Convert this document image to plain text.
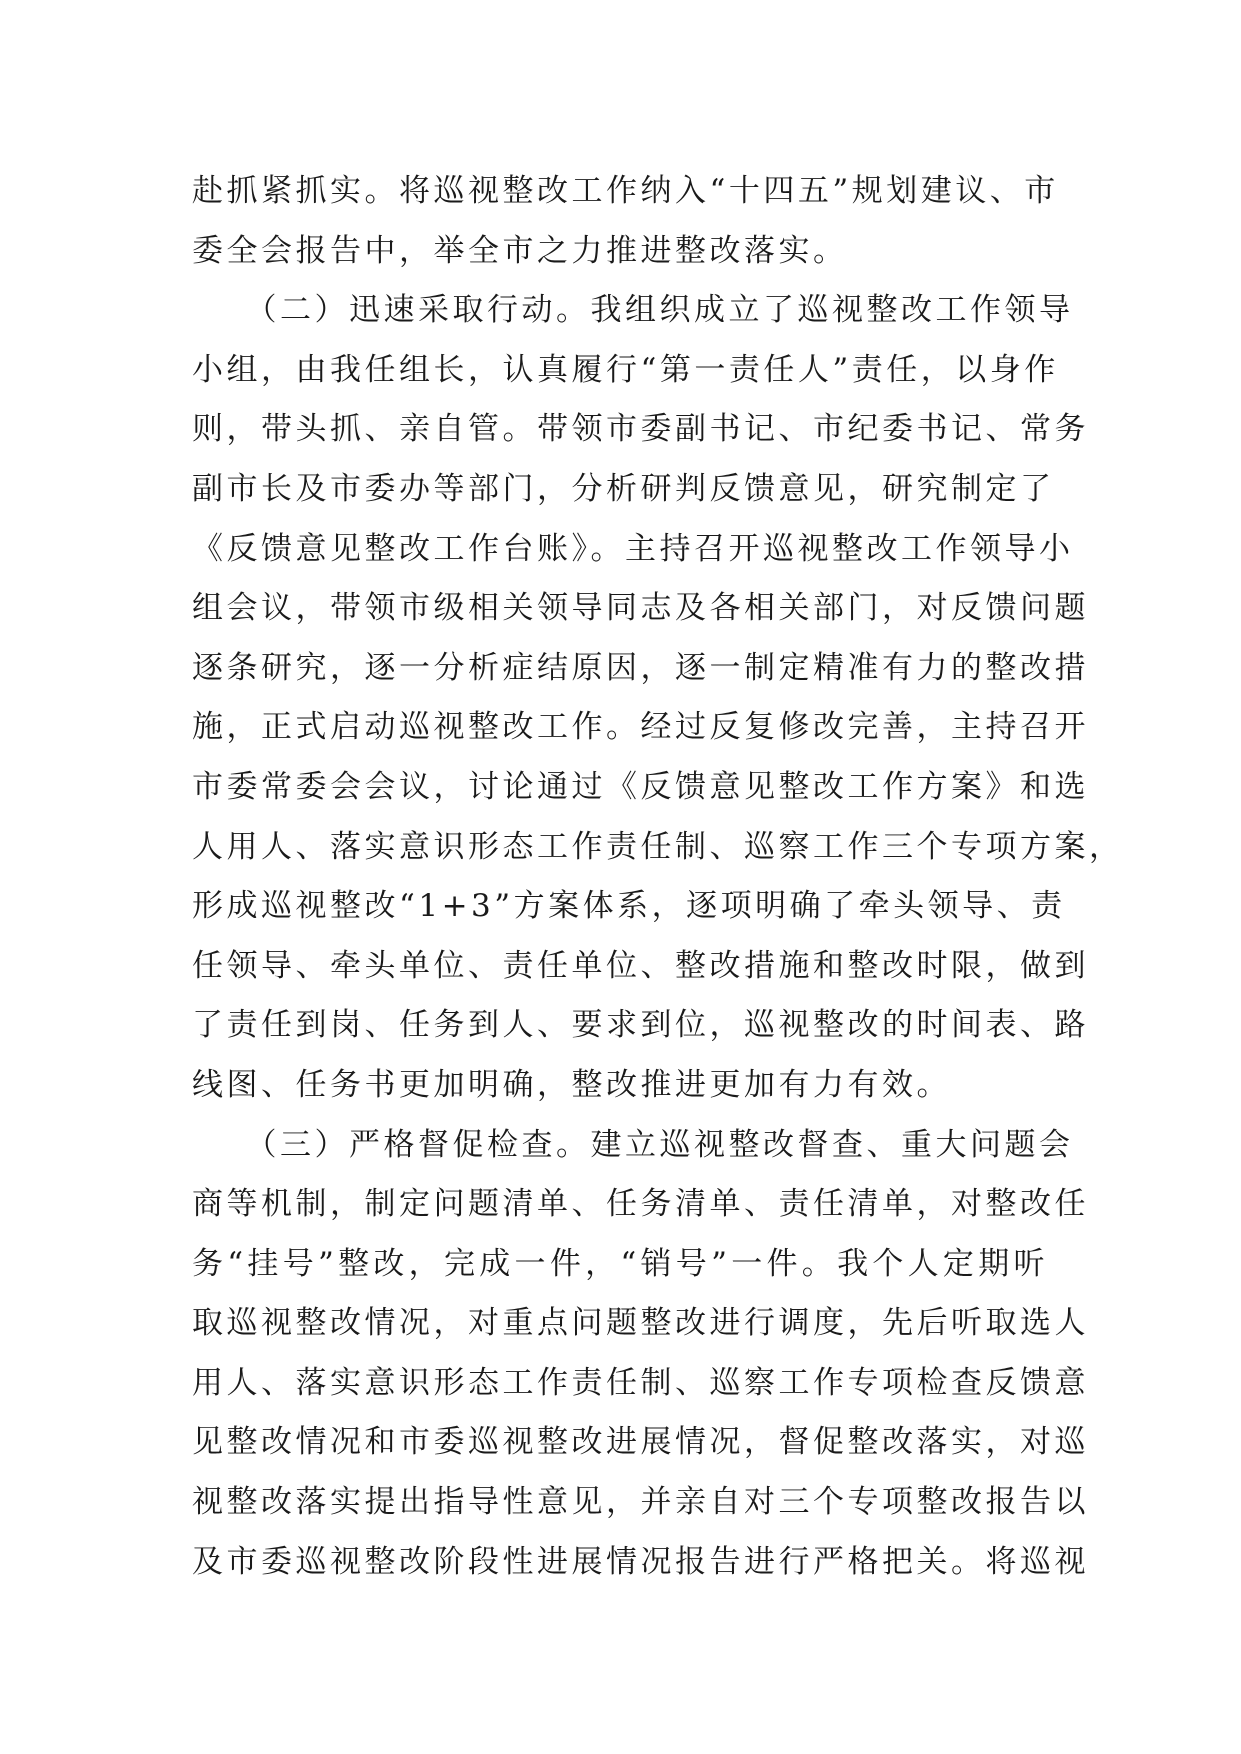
赴抓紧抓实。将巡视整改工作纳入“十四五”规划建议、市
委全会报告中，举全市之力推进整改落实。
　　（二）迅速采取行动。我组织成立了巡视整改工作领导
小组，由我任组长，认真履行“第一责任人”责任，以身作
则，带头抓、亲自管。带领市委副书记、市纪委书记、常务
副市长及市委办等部门，分析研判反馈意见，研究制定了
《反馈意见整改工作台账》。主持召开巡视整改工作领导小
组会议，带领市级相关领导同志及各相关部门，对反馈问题
逐条研究，逐一分析症结原因，逐一制定精准有力的整改措
施，正式启动巡视整改工作。经过反复修改完善，主持召开
市委常委会会议，讨论通过《反馈意见整改工作方案》和选
人用人、落实意识形态工作责任制、巡察工作三个专项方案，
形成巡视整改“1+3”方案体系，逐项明确了牵头领导、责
任领导、牵头单位、责任单位、整改措施和整改时限，做到
了责任到岗、任务到人、要求到位，巡视整改的时间表、路
线图、任务书更加明确，整改推进更加有力有效。
　　（三）严格督促检查。建立巡视整改督查、重大问题会
商等机制，制定问题清单、任务清单、责任清单，对整改任
务“挂号”整改，完成一件，“销号”一件。我个人定期听
取巡视整改情况，对重点问题整改进行调度，先后听取选人
用人、落实意识形态工作责任制、巡察工作专项检查反馈意
见整改情况和市委巡视整改进展情况，督促整改落实，对巡
视整改落实提出指导性意见，并亲自对三个专项整改报告以
及市委巡视整改阶段性进展情况报告进行严格把关。将巡视
